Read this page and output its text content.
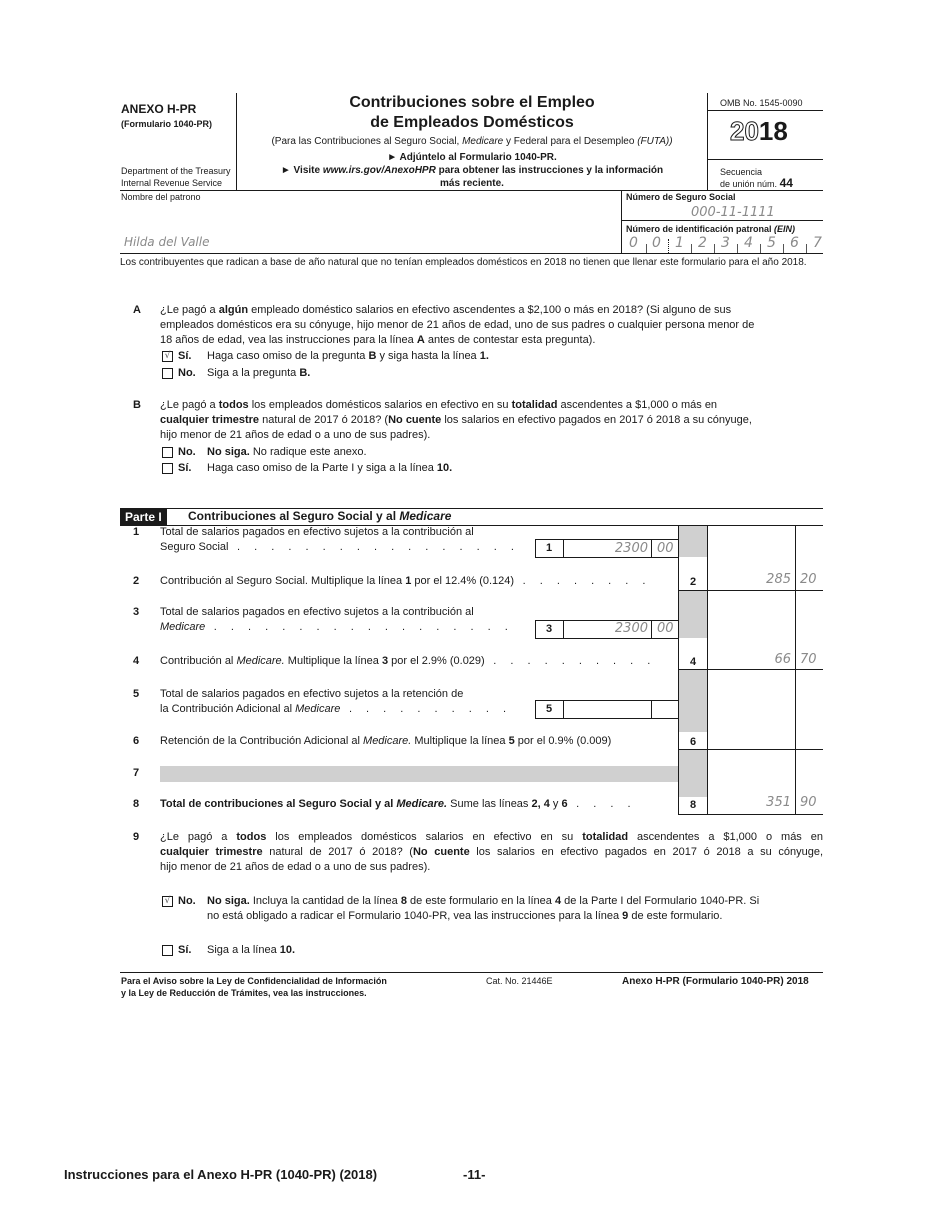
ANEXO H-PR
(Formulario 1040-PR)
Department of the Treasury
Internal Revenue Service
Contribuciones sobre el Empleo
de Empleados Domésticos
(Para las Contribuciones al Seguro Social, Medicare y Federal para el Desempleo (FUTA))
► Adjúntelo al Formulario 1040-PR.
► Visite www.irs.gov/AnexoHPR para obtener las instrucciones y la información
más reciente.
OMB No. 1545-0090
2018
Secuencia
de unión núm. 44
Nombre del patrono
Hilda del Valle
Número de Seguro Social
000-11-1111
Número de identificación patronal (EIN)
0 0 1 2 3 4 5 6 7
Los contribuyentes que radican a base de año natural que no tenían empleados domésticos en 2018 no tienen que llenar este formulario para el año 2018.
A ¿Le pagó a algún empleado doméstico salarios en efectivo ascendentes a $2,100 o más en 2018? (Si alguno de sus
empleados domésticos era su cónyuge, hijo menor de 21 años de edad, uno de sus padres o cualquier persona menor de
18 años de edad, vea las instrucciones para la línea A antes de contestar esta pregunta).
√ Sí. Haga caso omiso de la pregunta B y siga hasta la línea 1.
No. Siga a la pregunta B.
B ¿Le pagó a todos los empleados domésticos salarios en efectivo en su totalidad ascendentes a $1,000 o más en
cualquier trimestre natural de 2017 ó 2018? (No cuente los salarios en efectivo pagados en 2017 ó 2018 a su cónyuge,
hijo menor de 21 años de edad o a uno de sus padres).
No. No siga. No radique este anexo.
Sí. Haga caso omiso de la Parte I y siga a la línea 10.
Parte I	Contribuciones al Seguro Social y al Medicare
1 Total de salarios pagados en efectivo sujetos a la contribución al
Seguro Social . . . . . . . . . . . . . . . . .	1	2300 00
2 Contribución al Seguro Social. Multiplique la línea 1 por el 12.4% (0.124) . . . . . . . .	2	285 20
3 Total de salarios pagados en efectivo sujetos a la contribución al
Medicare . . . . . . . . . . . . . . . . . .	3	2300 00
4 Contribución al Medicare. Multiplique la línea 3 por el 2.9% (0.029) . . . . . . . . . .	4	66 70
5 Total de salarios pagados en efectivo sujetos a la retención de
la Contribución Adicional al Medicare . . . . . . . . . .	5
6 Retención de la Contribución Adicional al Medicare. Multiplique la línea 5 por el 0.9% (0.009)	6
7
8 Total de contribuciones al Seguro Social y al Medicare. Sume las líneas 2, 4 y 6 . . . .	8	351 90
9 ¿Le pagó a todos los empleados domésticos salarios en efectivo en su totalidad ascendentes a $1,000 o más en
cualquier trimestre natural de 2017 ó 2018? (No cuente los salarios en efectivo pagados en 2017 ó 2018 a su cónyuge,
hijo menor de 21 años de edad o a uno de sus padres).
√ No. No siga. Incluya la cantidad de la línea 8 de este formulario en la línea 4 de la Parte I del Formulario 1040-PR. Si
no está obligado a radicar el Formulario 1040-PR, vea las instrucciones para la línea 9 de este formulario.
Sí. Siga a la línea 10.
Para el Aviso sobre la Ley de Confidencialidad de Información
y la Ley de Reducción de Trámites, vea las instrucciones.
Cat. No. 21446E	Anexo H-PR (Formulario 1040-PR) 2018
Instrucciones para el Anexo H-PR (1040-PR) (2018)	-11-
